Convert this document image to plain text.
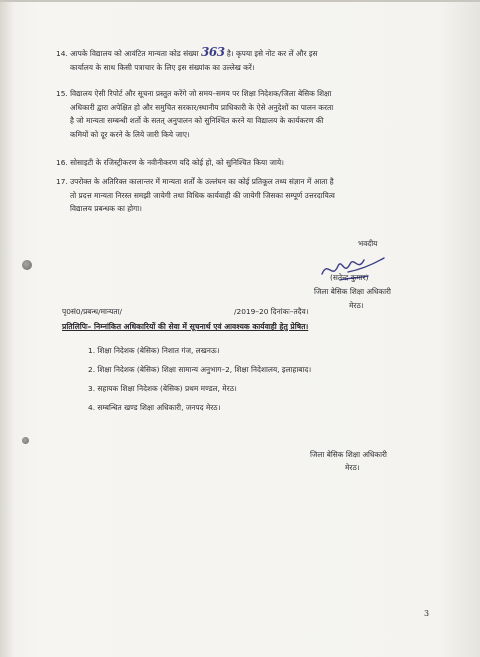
14. आपके विद्यालय को आवंटित मान्यता कोड संख्या 363 है। कृपया इसे नोट कर लें और इस
कार्यालय के साथ किसी पत्राचार के लिए इस संख्यांक का उल्लेख करें।
15. विद्यालय ऐसी रिपोर्ट और सूचना प्रस्तुत करेंगे जो समय–समय पर शिक्षा निदेशक/जिला बेसिक शिक्षा
अधिकारी द्वारा अपेक्षित हो और समुचित सरकार/स्थानीय प्राधिकारी के ऐसे अनुदेशों का पालन करता
है जो मान्यता सम्बन्धी शर्तो के सतत् अनुपालन को सुनिश्चित करने या विद्यालय के कार्यकरण की
कमियों को दूर करने के लिये जारी किये जाए।
16. सोसाइटी के रजिस्ट्रीकरण के नवीनीकरण यदि कोई हो, को सुनिश्चित किया जाये।
17. उपरोक्त के अतिरिक्त कालान्तर में मान्यता शर्तों के उल्लंघन का कोई प्रतिकूल तथ्य संज्ञान में आता है
तो प्रदत्त मान्यता निरस्त समझी जायेगी तथा विधिक कार्यवाही की जायेगी जिसका सम्पूर्ण उत्तरदायित्व
विद्यालय प्रबन्धक का होगा।
भवदीय
(सतेन्द्र कुमार)
जिला बेसिक शिक्षा अधिकारी
मेरठ।
पृ0सं0/प्रबन्ध/मान्यता/	/2019–20 दिनांकः–तदैव।
प्रतिलिपिः– निम्नांकित अधिकारियों की सेवा में सूचनार्थ एवं आवश्यक कार्यवाही हेतु प्रेषित।
1. शिक्षा निदेशक (बेसिक) निशात गंज, लखनऊ।
2. शिक्षा निदेशक (बेसिक) शिक्षा सामान्य अनुभाग–2, शिक्षा निदेशालय, इलाहाबाद।
3. सहायक शिक्षा निदेशक (बेसिक) प्रथम मण्डल, मेरठ।
4. सम्बन्धित खण्ड शिक्षा अधिकारी, जनपद मेरठ।
जिला बेसिक शिक्षा अधिकारी
मेरठ।
3
